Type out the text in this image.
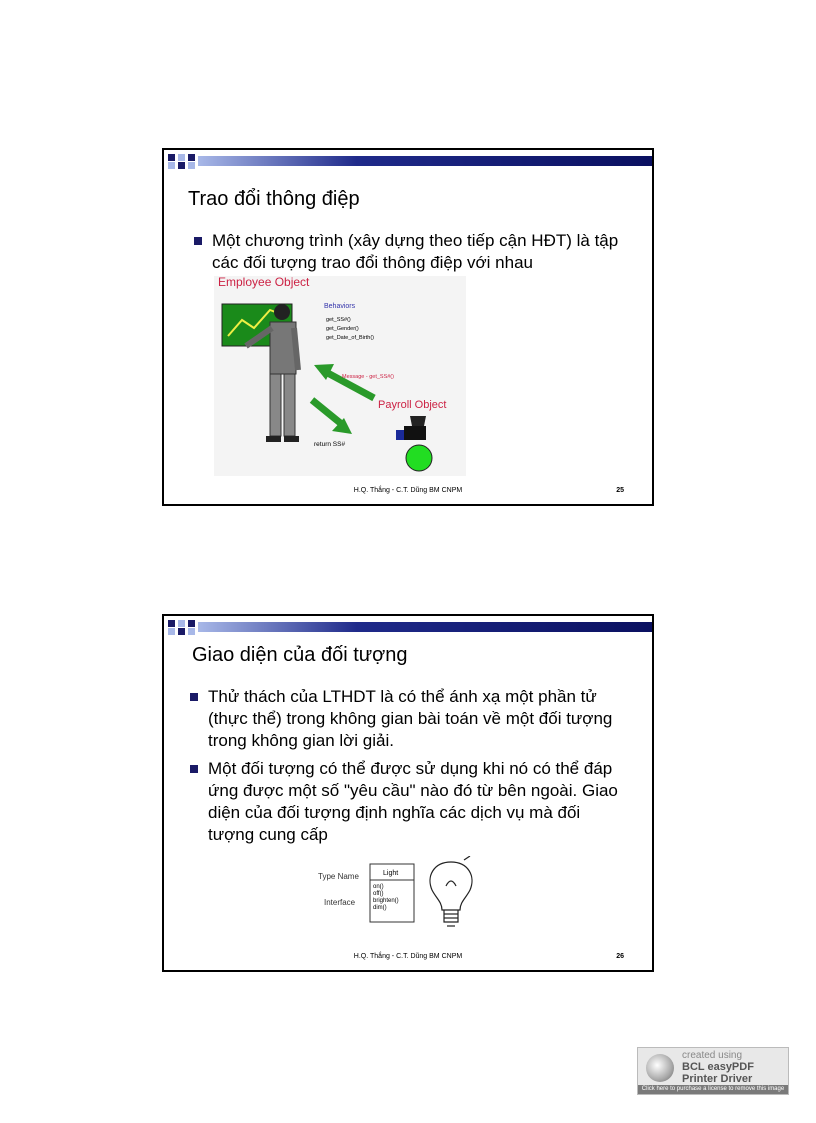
Trao đổi thông điệp
Một chương trình (xây dựng theo tiếp cận HĐT) là tập các đối tượng trao đổi thông điệp với nhau
Employee Object
Behaviors
get_SS#()
get_Gender()
get_Date_of_Birth()
Message - get_SS#()
Payroll Object
return SS#
H.Q. Thắng - C.T. Dũng BM CNPM	25
Giao diện của đối tượng
Thử thách của LTHDT là có thể ánh xạ một phần tử (thực thể) trong không gian bài toán về một đối tượng trong không gian lời giải.
Một đối tượng có thể được sử dụng khi nó có thể đáp ứng được một số "yêu cầu" nào đó từ bên ngoài. Giao diện của đối tượng định nghĩa các dịch vụ mà đối tượng cung cấp
Type Name
Interface
Light
on()
off()
brighten()
dim()
H.Q. Thắng - C.T. Dũng BM CNPM	26
created using
BCL easyPDF
Printer Driver
Click here to purchase a license to remove this image
